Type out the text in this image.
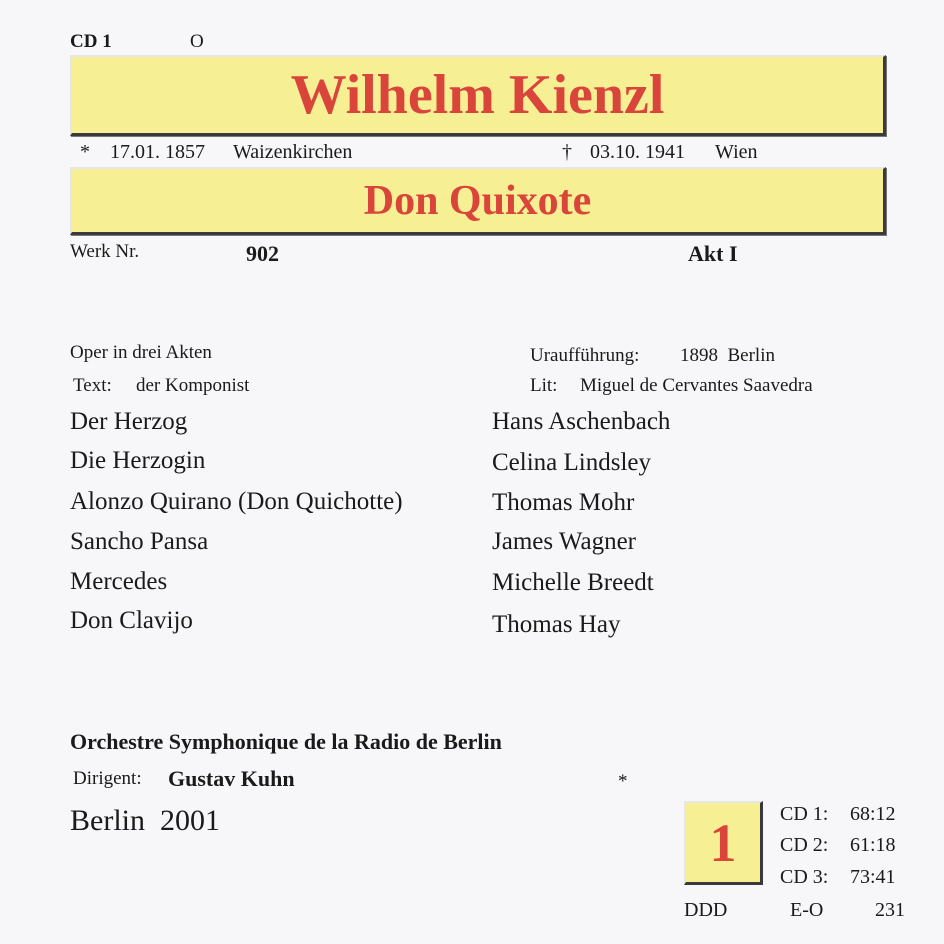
CD 1	O
Wilhelm Kienzl
* 17.01. 1857 Waizenkirchen	† 03.10. 1941 Wien
Don Quixote
Werk Nr.	902	Akt I
Oper in drei Akten
Text: der Komponist
Uraufführung: 1898  Berlin
Lit: Miguel de Cervantes Saavedra
Der Herzog	Hans Aschenbach
Die Herzogin	Celina Lindsley
Alonzo Quirano (Don Quichotte)	Thomas Mohr
Sancho Pansa	James Wagner
Mercedes	Michelle Breedt
Don Clavijo	Thomas Hay
Orchestre Symphonique de la Radio de Berlin
Dirigent: Gustav Kuhn	*
Berlin  2001	1 CD 1: 68:12
CD 2: 61:18
CD 3: 73:41
DDD	E-O	231
